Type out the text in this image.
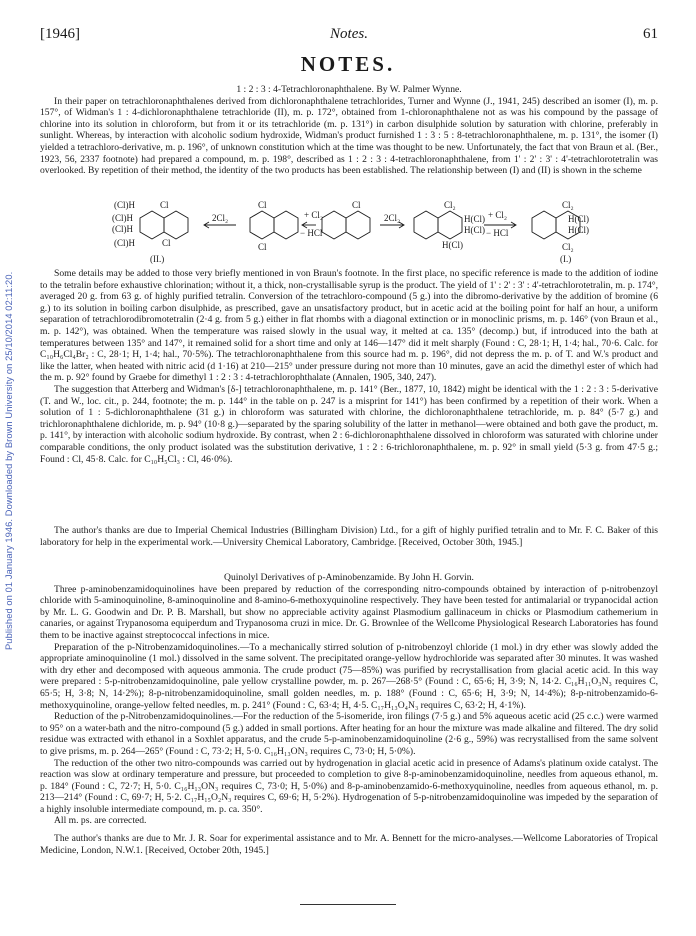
[1946]	Notes.	61
Published on 01 January 1946. Downloaded by Brown University on 25/10/2014 02:11:20.
NOTES.

1 : 2 : 3 : 4-Tetrachloronaphthalene. By W. Palmer Wynne.

In their paper on tetrachloronaphthalenes derived from dichloronaphthalene tetrachlorides, Turner and Wynne (J., 1941, 245) described an isomer (I), m. p. 157°, of Widman's 1 : 4-dichloronaphthalene tetrachloride (II), m. p. 172°, obtained from 1-chloronaphthalene not as was his compound by the passage of chlorine into its solution in chloroform, but from it or its tetrachloride (m. p. 131°) in carbon disulphide solution by saturation with chlorine, preferably in sunlight. Whereas, by interaction with alcoholic sodium hydroxide, Widman's product furnished 1 : 3 : 5 : 8-tetrachloronaphthalene, m. p. 131°, the isomer (I) yielded a tetrachloro-derivative, m. p. 196°, of unknown constitution which at the time was thought to be new. Unfortunately, the fact that von Braun et al. (Ber., 1923, 56, 2337 footnote) had prepared a compound, m. p. 198°, described as 1 : 2 : 3 : 4-tetrachloronaphthalene, from 1' : 2' : 3' : 4'-tetrachlorotetralin was overlooked. By repetition of their method, the identity of the two products has been established. The relationship between (I) and (II) is shown in the scheme

(Cl)H	Cl
(Cl)H
(Cl)H
(Cl)H	Cl
2Cl₂	+ Cl₂
− HCl
Cl
Cl
Cl
2Cl₂
Cl₂
H(Cl)
H(Cl)
H(Cl)
+ Cl₂
− HCl
Cl₂
H(Cl)
H(Cl)
Cl₂
(II.)	(I.)

Some details may be added to those very briefly mentioned in von Braun's footnote. In the first place, no specific reference is made to the addition of iodine to the tetralin before exhaustive chlorination; without it, a thick, non-crystallisable syrup is the product. The yield of 1' : 2' : 3' : 4'-tetrachlorotetralin, m. p. 174°, averaged 20 g. from 63 g. of highly purified tetralin. Conversion of the tetrachloro-compound (5 g.) into the dibromo-derivative by the addition of bromine (6 g.) to its solution in boiling carbon disulphide, as prescribed, gave an unsatisfactory product, but in acetic acid at the boiling point for half an hour, a uniform separation of tetrachlorodibromotetralin (2·4 g. from 5 g.) either in flat rhombs with a diagonal extinction or in monoclinic prisms, m. p. 146° (von Braun et al., m. p. 142°), was obtained. When the temperature was raised slowly in the usual way, it melted at ca. 135° (decomp.) but, if introduced into the bath at temperatures between 135° and 147°, it remained solid for a short time and only at 146—147° did it melt sharply (Found : C, 28·1; H, 1·4; hal., 70·6. Calc. for C₁₀H₆Cl₄Br₂ : C, 28·1; H, 1·4; hal., 70·5%). The tetrachloronaphthalene from this source had m. p. 196°, did not depress the m. p. of T. and W.'s product and like the latter, when heated with nitric acid (d 1·16) at 210—215° under pressure during not more than 10 minutes, gave an acid the dimethyl ester of which had the m. p. 92° found by Graebe for dimethyl 1 : 2 : 3 : 4-tetrachlorophthalate (Annalen, 1905, 340, 247).

The suggestion that Atterberg and Widman's [δ-] tetrachloronaphthalene, m. p. 141° (Ber., 1877, 10, 1842) might be identical with the 1 : 2 : 3 : 5-derivative (T. and W., loc. cit., p. 244, footnote; the m. p. 144° in the table on p. 247 is a misprint for 141°) has been confirmed by a repetition of their work. When a solution of 1 : 5-dichloronaphthalene (31 g.) in chloroform was saturated with chlorine, the dichloronaphthalene tetrachloride, m. p. 84° (5·7 g.) and trichloronaphthalene dichloride, m. p. 94° (10·8 g.)—separated by the sparing solubility of the latter in methanol—were obtained and both gave the product, m. p. 141°, by interaction with alcoholic sodium hydroxide. By contrast, when 2 : 6-dichloronaphthalene dissolved in chloroform was saturated with chlorine under comparable conditions, the only product isolated was the substitution derivative, 1 : 2 : 6-trichloronaphthalene, m. p. 92° in small yield (5·3 g. from 47·5 g.; Found : Cl, 45·8. Calc. for C₁₀H₅Cl₃ : Cl, 46·0%).

The author's thanks are due to Imperial Chemical Industries (Billingham Division) Ltd., for a gift of highly purified tetralin and to Mr. F. C. Baker of this laboratory for help in the experimental work.—University Chemical Laboratory, Cambridge. [Received, October 30th, 1945.]

Quinolyl Derivatives of p-Aminobenzamide. By John H. Gorvin.

Three p-aminobenzamidoquinolines have been prepared by reduction of the corresponding nitro-compounds obtained by interaction of p-nitrobenzoyl chloride with 5-aminoquinoline, 8-aminoquinoline and 8-amino-6-methoxyquinoline respectively. They have been tested for antimalarial or trypanocidal action by Mr. L. G. Goodwin and Dr. P. B. Marshall, but show no appreciable activity against Plasmodium gallinaceum in chicks or Plasmodium cathemerium in canaries, or against Trypanosoma equiperdum and Trypanosoma cruzi in mice. Dr. G. Brownlee of the Wellcome Physiological Research Laboratories has found them to be inactive against streptococcal infections in mice.

Preparation of the p-Nitrobenzamidoquinolines.—To a mechanically stirred solution of p-nitrobenzoyl chloride (1 mol.) in dry ether was slowly added the appropriate aminoquinoline (1 mol.) dissolved in the same solvent. The precipitated orange-yellow hydrochloride was separated after 30 minutes. It was washed with dry ether and decomposed with aqueous ammonia. The crude product (75—85%) was purified by recrystallisation from glacial acetic acid. In this way were prepared : 5-p-nitrobenzamidoquinoline, pale yellow crystalline powder, m. p. 267—268·5° (Found : C, 65·6; H, 3·9; N, 14·2. C₁₆H₁₁O₃N₃ requires C, 65·5; H, 3·8; N, 14·2%); 8-p-nitrobenzamidoquinoline, small golden needles, m. p. 188° (Found : C, 65·6; H, 3·9; N, 14·4%); 8-p-nitrobenzamido-6-methoxyquinoline, orange-yellow felted needles, m. p. 241° (Found : C, 63·4; H, 4·5. C₁₇H₁₃O₄N₃ requires C, 63·2; H, 4·1%).

Reduction of the p-Nitrobenzamidoquinolines.—For the reduction of the 5-isomeride, iron filings (7·5 g.) and 5% aqueous acetic acid (25 c.c.) were warmed to 95° on a water-bath and the nitro-compound (5 g.) added in small portions. After heating for an hour the mixture was made alkaline and filtered. The dry solid residue was extracted with ethanol in a Soxhlet apparatus, and the crude 5-p-aminobenzamidoquinoline (2·6 g., 59%) was recrystallised from the same solvent to give prisms, m. p. 264—265° (Found : C, 73·2; H, 5·0. C₁₆H₁₃ON₃ requires C, 73·0; H, 5·0%).

The reduction of the other two nitro-compounds was carried out by hydrogenation in glacial acetic acid in presence of Adams's platinum oxide catalyst. The reaction was slow at ordinary temperature and pressure, but proceeded to completion to give 8-p-aminobenzamidoquinoline, needles from aqueous ethanol, m. p. 184° (Found : C, 72·7; H, 5·0. C₁₆H₁₃ON₃ requires C, 73·0; H, 5·0%) and 8-p-aminobenzamido-6-methoxyquinoline, needles from aqueous ethanol, m. p. 213—214° (Found : C, 69·7; H, 5·2. C₁₇H₁₅O₂N₃ requires C, 69·6; H, 5·2%). Hydrogenation of 5-p-nitrobenzamidoquinoline was impeded by the separation of a highly insoluble intermediate compound, m. p. ca. 350°.

All m. ps. are corrected.

The author's thanks are due to Mr. J. R. Soar for experimental assistance and to Mr. A. Bennett for the micro-analyses.—Wellcome Laboratories of Tropical Medicine, London, N.W.1. [Received, October 20th, 1945.]
